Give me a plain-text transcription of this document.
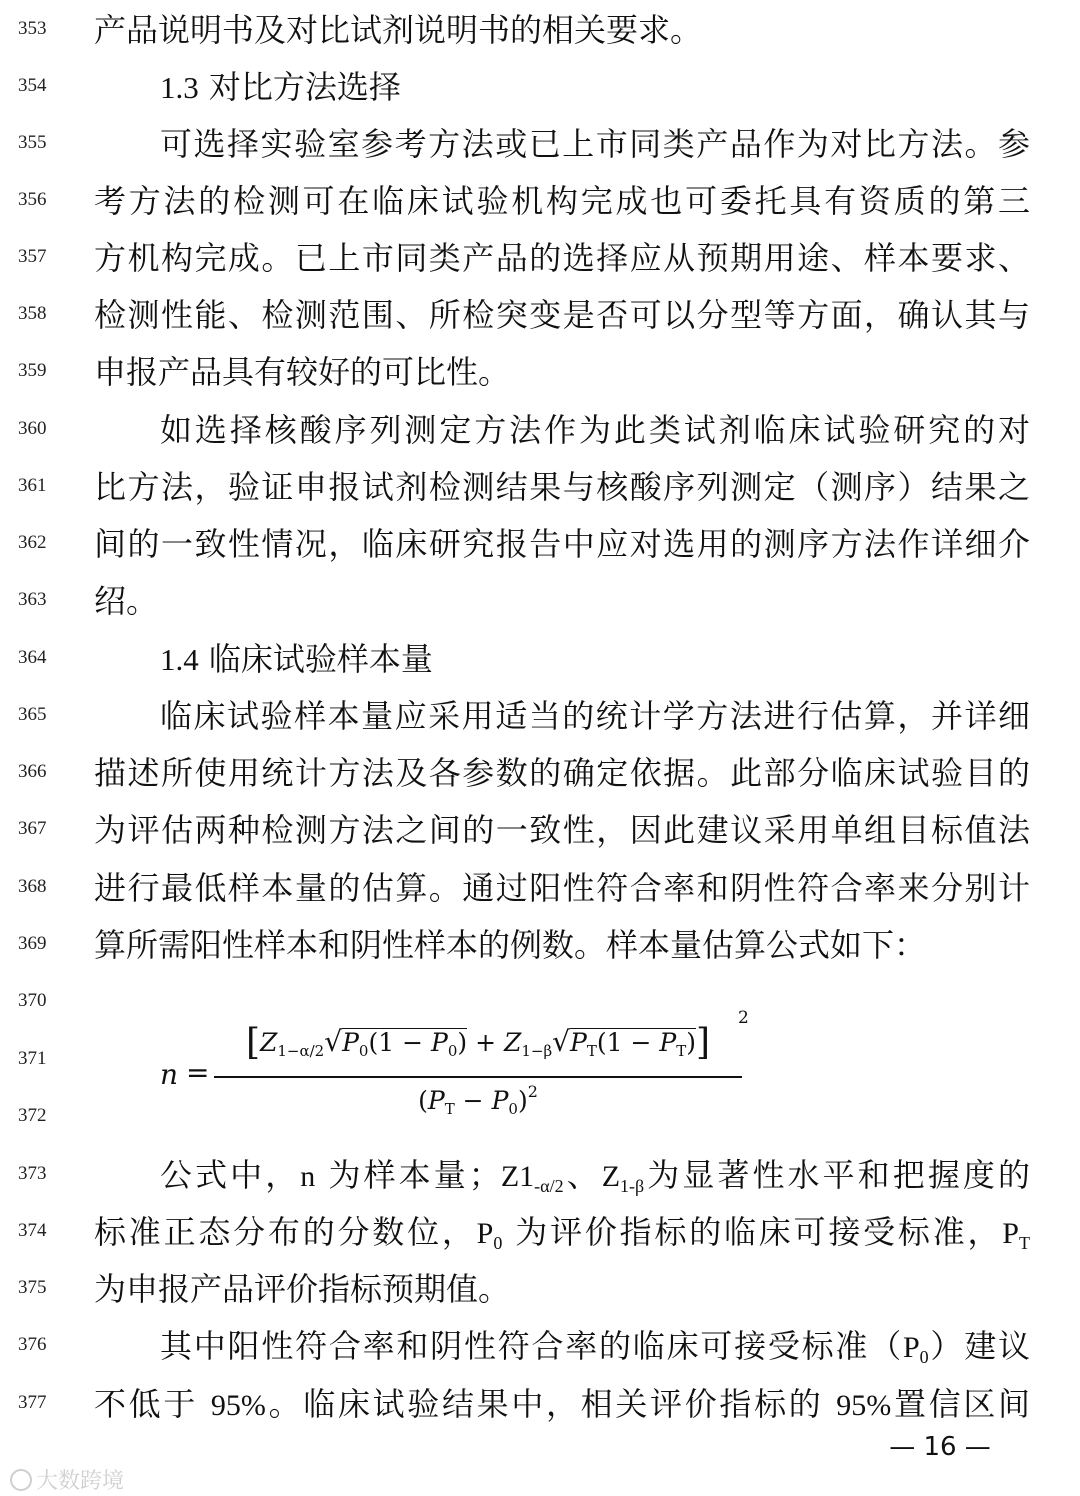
353	产品说明书及对比试剂说明书的相关要求。
354	1.3 对比方法选择
355	可选择实验室参考方法或已上市同类产品作为对比方法。参
356	考方法的检测可在临床试验机构完成也可委托具有资质的第三
357	方机构完成。已上市同类产品的选择应从预期用途、样本要求、
358	检测性能、检测范围、所检突变是否可以分型等方面，确认其与
359	申报产品具有较好的可比性。
360	如选择核酸序列测定方法作为此类试剂临床试验研究的对
361	比方法，验证申报试剂检测结果与核酸序列测定（测序）结果之
362	间的一致性情况，临床研究报告中应对选用的测序方法作详细介
363	绍。
364	1.4 临床试验样本量
365	临床试验样本量应采用适当的统计学方法进行估算，并详细
366	描述所使用统计方法及各参数的确定依据。此部分临床试验目的
367	为评估两种检测方法之间的一致性，因此建议采用单组目标值法
368	进行最低样本量的估算。通过阳性符合率和阴性符合率来分别计
369	算所需阳性样本和阴性样本的例数。样本量估算公式如下：
370
371
372
n =
$[Z_{1-\alpha/2}√P_0(1 - P_0) + Z_{1-\beta}√P_T(1 - P_T)]$
2
$(P_T - P_0)^2$
373	公式中，n 为样本量；$Z1_{-\alpha/2}$、$Z_{1-\beta}$为显著性水平和把握度的
374	标准正态分布的分数位，$P_0$ 为评价指标的临床可接受标准，$P_T$
375	为申报产品评价指标预期值。
376	其中阳性符合率和阴性符合率的临床可接受标准$(P_0)$建议
377	不低于 95%。临床试验结果中，相关评价指标的 95%置信区间
— 16 —
大数跨境
